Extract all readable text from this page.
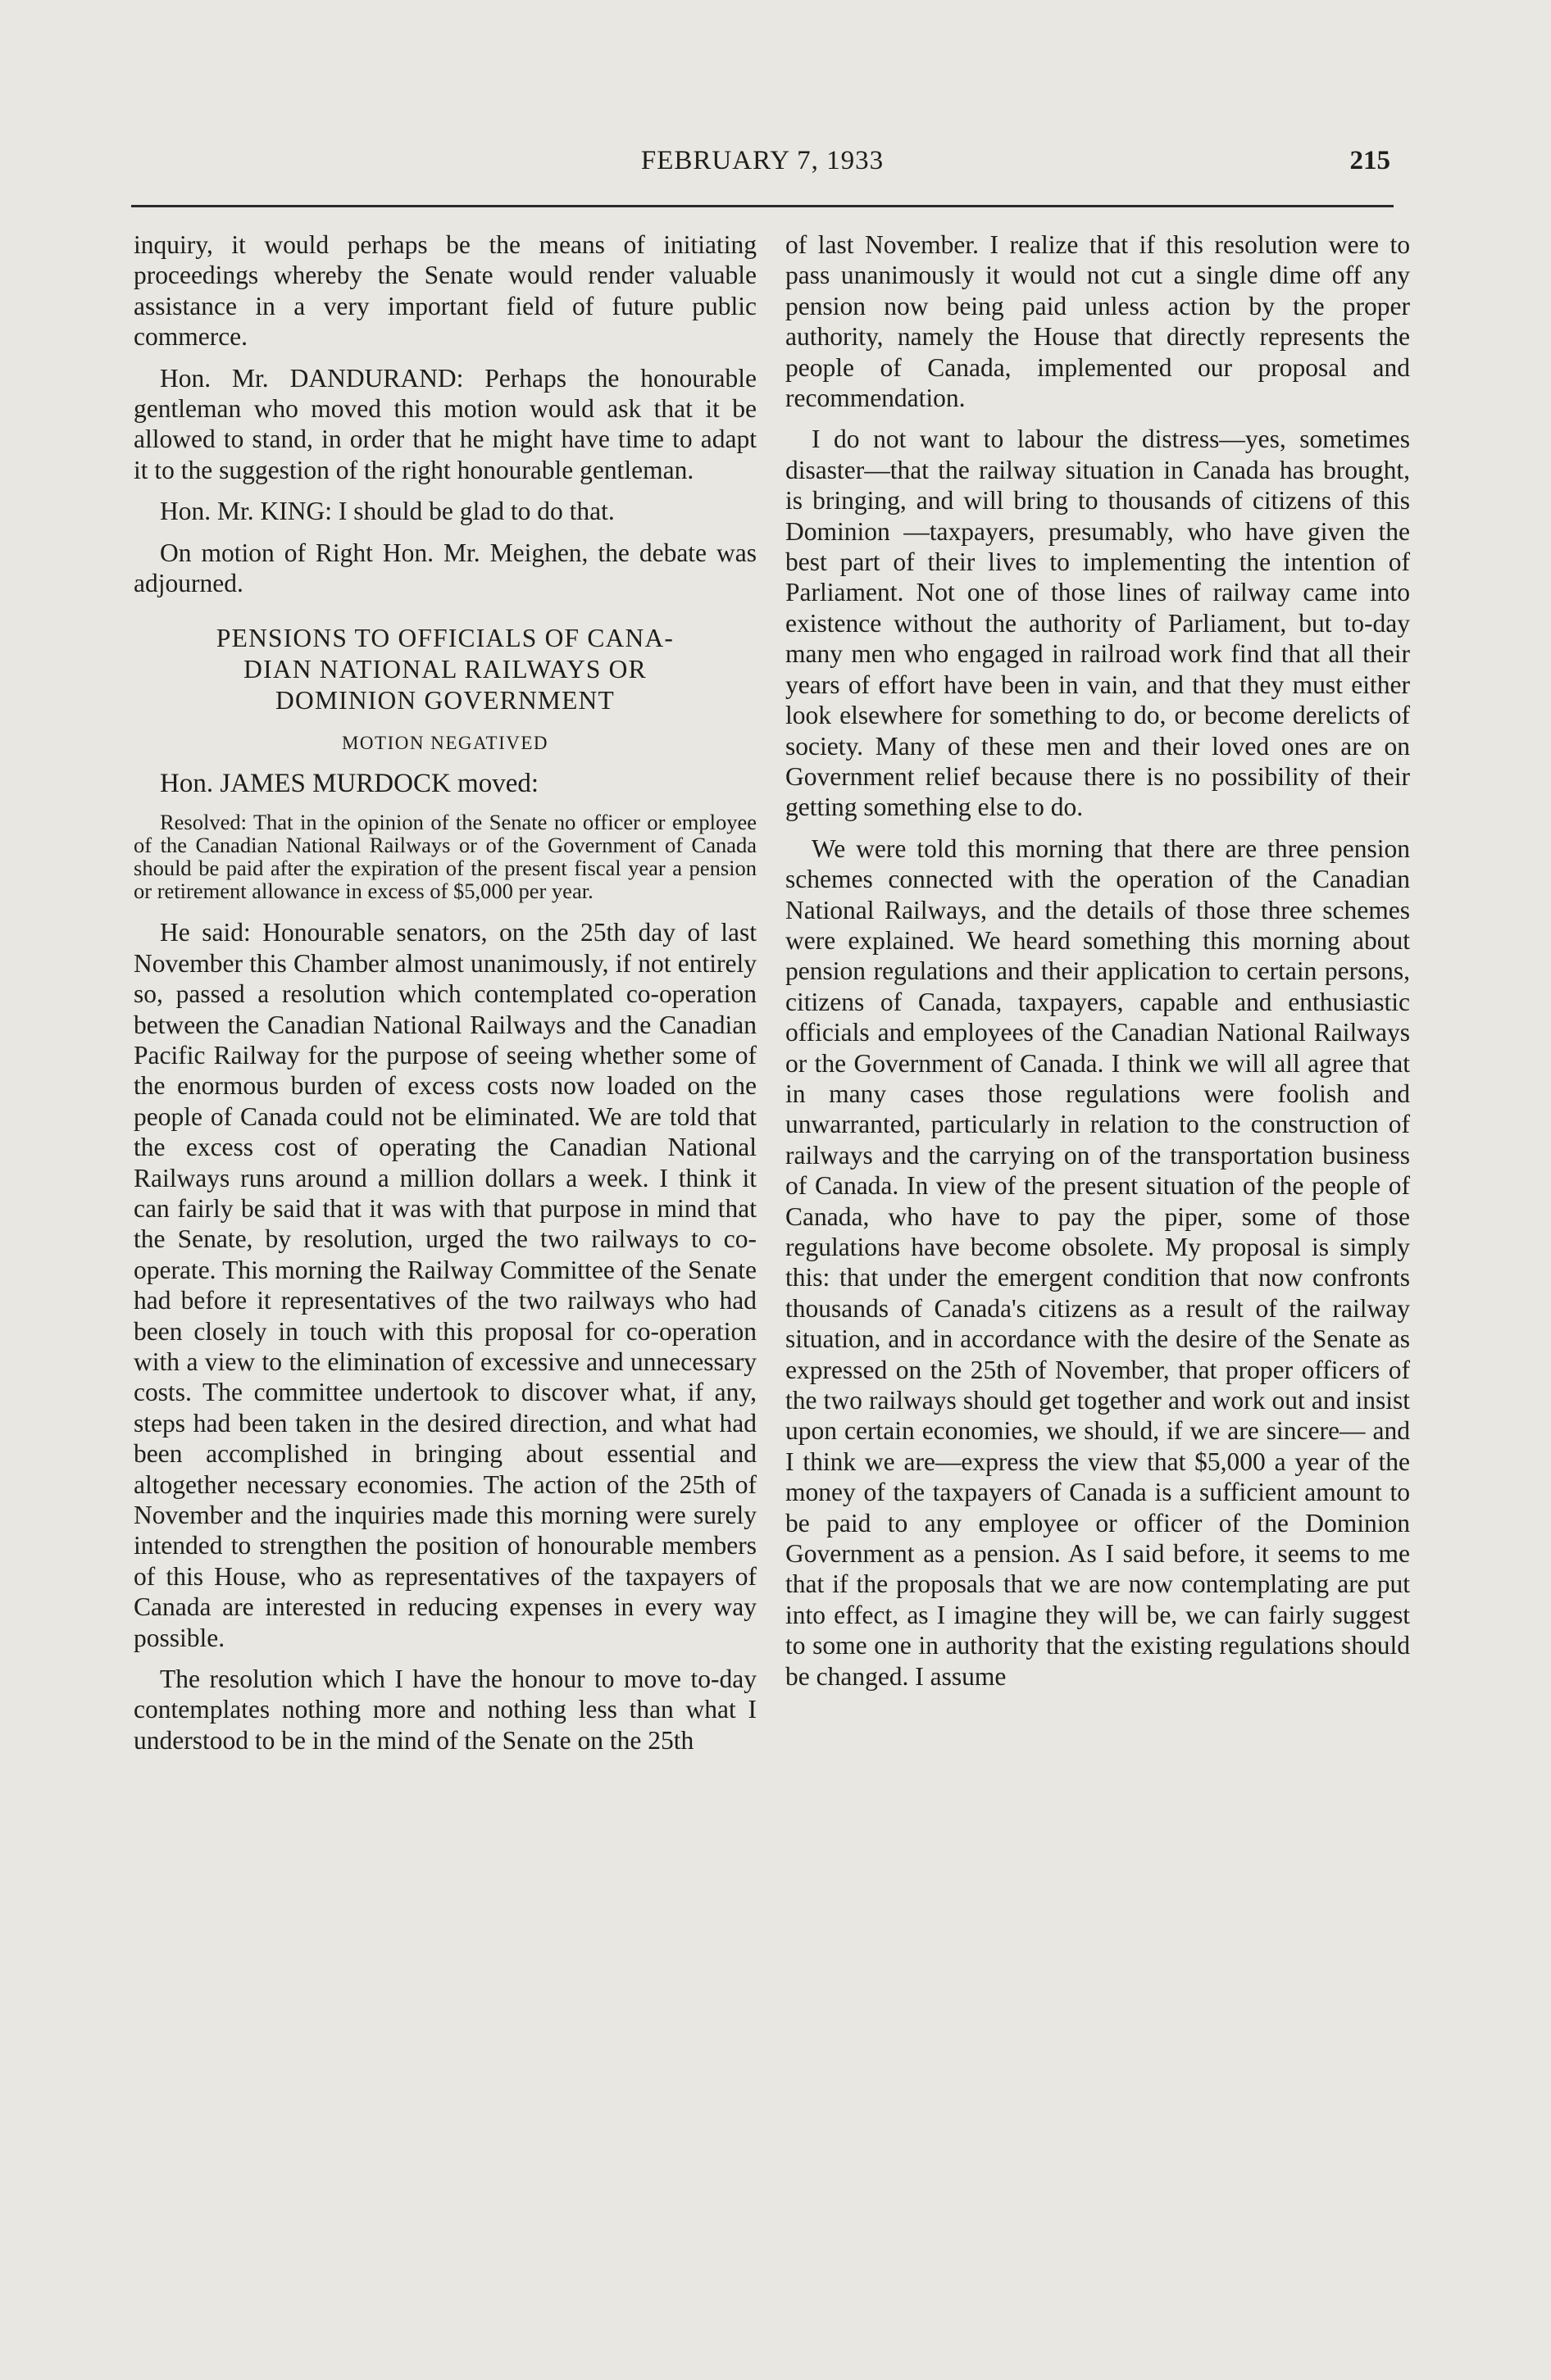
FEBRUARY 7, 1933	215

inquiry, it would perhaps be the means of initiating proceedings whereby the Senate would render valuable assistance in a very important field of future public commerce.

Hon. Mr. DANDURAND: Perhaps the honourable gentleman who moved this motion would ask that it be allowed to stand, in order that he might have time to adapt it to the suggestion of the right honourable gentleman.

Hon. Mr. KING: I should be glad to do that.

On motion of Right Hon. Mr. Meighen, the debate was adjourned.

PENSIONS TO OFFICIALS OF CANA-
DIAN NATIONAL RAILWAYS OR
DOMINION GOVERNMENT
MOTION NEGATIVED

Hon. JAMES MURDOCK moved:

Resolved: That in the opinion of the Senate no officer or employee of the Canadian National Railways or of the Government of Canada should be paid after the expiration of the present fiscal year a pension or retirement allowance in excess of $5,000 per year.

He said: Honourable senators, on the 25th day of last November this Chamber almost unanimously, if not entirely so, passed a resolution which contemplated co-operation between the Canadian National Railways and the Canadian Pacific Railway for the purpose of seeing whether some of the enormous burden of excess costs now loaded on the people of Canada could not be eliminated. We are told that the excess cost of operating the Canadian National Railways runs around a million dollars a week. I think it can fairly be said that it was with that purpose in mind that the Senate, by resolution, urged the two railways to co-operate. This morning the Railway Committee of the Senate had before it representatives of the two railways who had been closely in touch with this proposal for co-operation with a view to the elimination of excessive and unnecessary costs. The committee undertook to discover what, if any, steps had been taken in the desired direction, and what had been accomplished in bringing about essential and altogether necessary economies. The action of the 25th of November and the inquiries made this morning were surely intended to strengthen the position of honourable members of this House, who as representatives of the taxpayers of Canada are interested in reducing expenses in every way possible.

The resolution which I have the honour to move to-day contemplates nothing more and nothing less than what I understood to be in the mind of the Senate on the 25th

of last November. I realize that if this resolution were to pass unanimously it would not cut a single dime off any pension now being paid unless action by the proper authority, namely the House that directly represents the people of Canada, implemented our proposal and recommendation.

I do not want to labour the distress—yes, sometimes disaster—that the railway situation in Canada has brought, is bringing, and will bring to thousands of citizens of this Dominion —taxpayers, presumably, who have given the best part of their lives to implementing the intention of Parliament. Not one of those lines of railway came into existence without the authority of Parliament, but to-day many men who engaged in railroad work find that all their years of effort have been in vain, and that they must either look elsewhere for something to do, or become derelicts of society. Many of these men and their loved ones are on Government relief because there is no possibility of their getting something else to do.

We were told this morning that there are three pension schemes connected with the operation of the Canadian National Railways, and the details of those three schemes were explained. We heard something this morning about pension regulations and their application to certain persons, citizens of Canada, taxpayers, capable and enthusiastic officials and employees of the Canadian National Railways or the Government of Canada. I think we will all agree that in many cases those regulations were foolish and unwarranted, particularly in relation to the construction of railways and the carrying on of the transportation business of Canada. In view of the present situation of the people of Canada, who have to pay the piper, some of those regulations have become obsolete. My proposal is simply this: that under the emergent condition that now confronts thousands of Canada's citizens as a result of the railway situation, and in accordance with the desire of the Senate as expressed on the 25th of November, that proper officers of the two railways should get together and work out and insist upon certain economies, we should, if we are sincere— and I think we are—express the view that $5,000 a year of the money of the taxpayers of Canada is a sufficient amount to be paid to any employee or officer of the Dominion Government as a pension. As I said before, it seems to me that if the proposals that we are now contemplating are put into effect, as I imagine they will be, we can fairly suggest to some one in authority that the existing regulations should be changed. I assume
